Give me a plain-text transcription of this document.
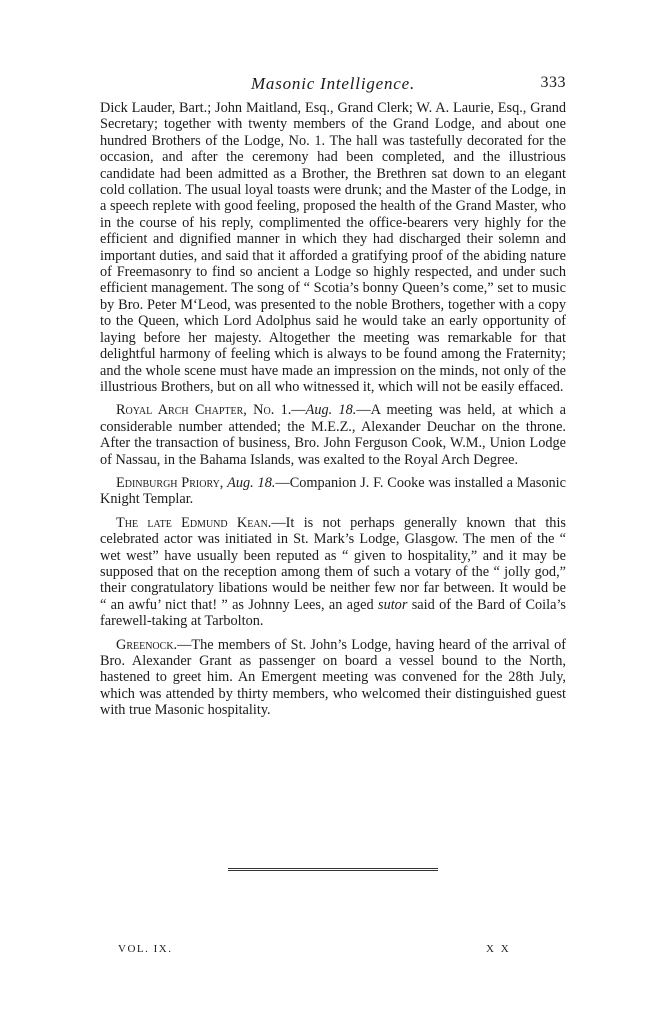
Masonic Intelligence.	333

Dick Lauder, Bart.; John Maitland, Esq., Grand Clerk; W. A. Laurie, Esq., Grand Secretary; together with twenty members of the Grand Lodge, and about one hundred Brothers of the Lodge, No. 1. The hall was tastefully decorated for the occasion, and after the ceremony had been completed, and the illustrious candidate had been admitted as a Brother, the Brethren sat down to an elegant cold collation. The usual loyal toasts were drunk; and the Master of the Lodge, in a speech replete with good feeling, proposed the health of the Grand Master, who in the course of his reply, complimented the office-bearers very highly for the efficient and dignified manner in which they had discharged their solemn and important duties, and said that it afforded a gratifying proof of the abiding nature of Freemasonry to find so ancient a Lodge so highly respected, and under such efficient management. The song of “ Scotia’s bonny Queen’s come,” set to music by Bro. Peter M‘Leod, was presented to the noble Brothers, together with a copy to the Queen, which Lord Adolphus said he would take an early opportunity of laying before her majesty. Altogether the meeting was remarkable for that delightful harmony of feeling which is always to be found among the Fraternity; and the whole scene must have made an impression on the minds, not only of the illustrious Brothers, but on all who witnessed it, which will not be easily effaced.

Royal Arch Chapter, No. 1.—Aug. 18.—A meeting was held, at which a considerable number attended; the M.E.Z., Alexander Deuchar on the throne. After the transaction of business, Bro. John Ferguson Cook, W.M., Union Lodge of Nassau, in the Bahama Islands, was exalted to the Royal Arch Degree.

Edinburgh Priory, Aug. 18.—Companion J. F. Cooke was installed a Masonic Knight Templar.

The late Edmund Kean.—It is not perhaps generally known that this celebrated actor was initiated in St. Mark’s Lodge, Glasgow. The men of the “ wet west” have usually been reputed as “ given to hospitality,” and it may be supposed that on the reception among them of such a votary of the “ jolly god,” their congratulatory libations would be neither few nor far between. It would be “ an awfu’ nict that! ” as Johnny Lees, an aged sutor said of the Bard of Coila’s farewell-taking at Tarbolton.

Greenock.—The members of St. John’s Lodge, having heard of the arrival of Bro. Alexander Grant as passenger on board a vessel bound to the North, hastened to greet him. An Emergent meeting was convened for the 28th July, which was attended by thirty members, who welcomed their distinguished guest with true Masonic hospitality.

VOL. IX.	X X
